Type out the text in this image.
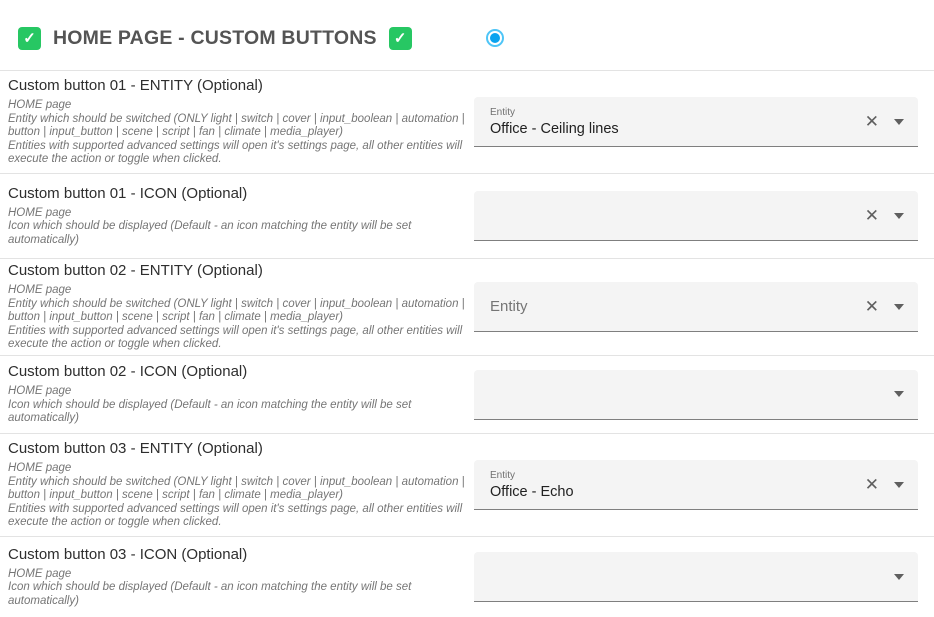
✓ HOME PAGE - CUSTOM BUTTONS ✓
Custom button 01 - ENTITY (Optional)
HOME page
Entity which should be switched (ONLY light | switch | cover | input_boolean | automation | button | input_button | scene | script | fan | climate | media_player)
Entities with supported advanced settings will open it's settings page, all other entities will execute the action or toggle when clicked.
Entity
Office - Ceiling lines	✕
Custom button 01 - ICON (Optional)
HOME page
Icon which should be displayed (Default - an icon matching the entity will be set automatically)
✕
Custom button 02 - ENTITY (Optional)
HOME page
Entity which should be switched (ONLY light | switch | cover | input_boolean | automation | button | input_button | scene | script | fan | climate | media_player)
Entities with supported advanced settings will open it's settings page, all other entities will execute the action or toggle when clicked.
Entity	✕
Custom button 02 - ICON (Optional)
HOME page
Icon which should be displayed (Default - an icon matching the entity will be set automatically)
Custom button 03 - ENTITY (Optional)
HOME page
Entity which should be switched (ONLY light | switch | cover | input_boolean | automation | button | input_button | scene | script | fan | climate | media_player)
Entities with supported advanced settings will open it's settings page, all other entities will execute the action or toggle when clicked.
Entity
Office - Echo	✕
Custom button 03 - ICON (Optional)
HOME page
Icon which should be displayed (Default - an icon matching the entity will be set automatically)
